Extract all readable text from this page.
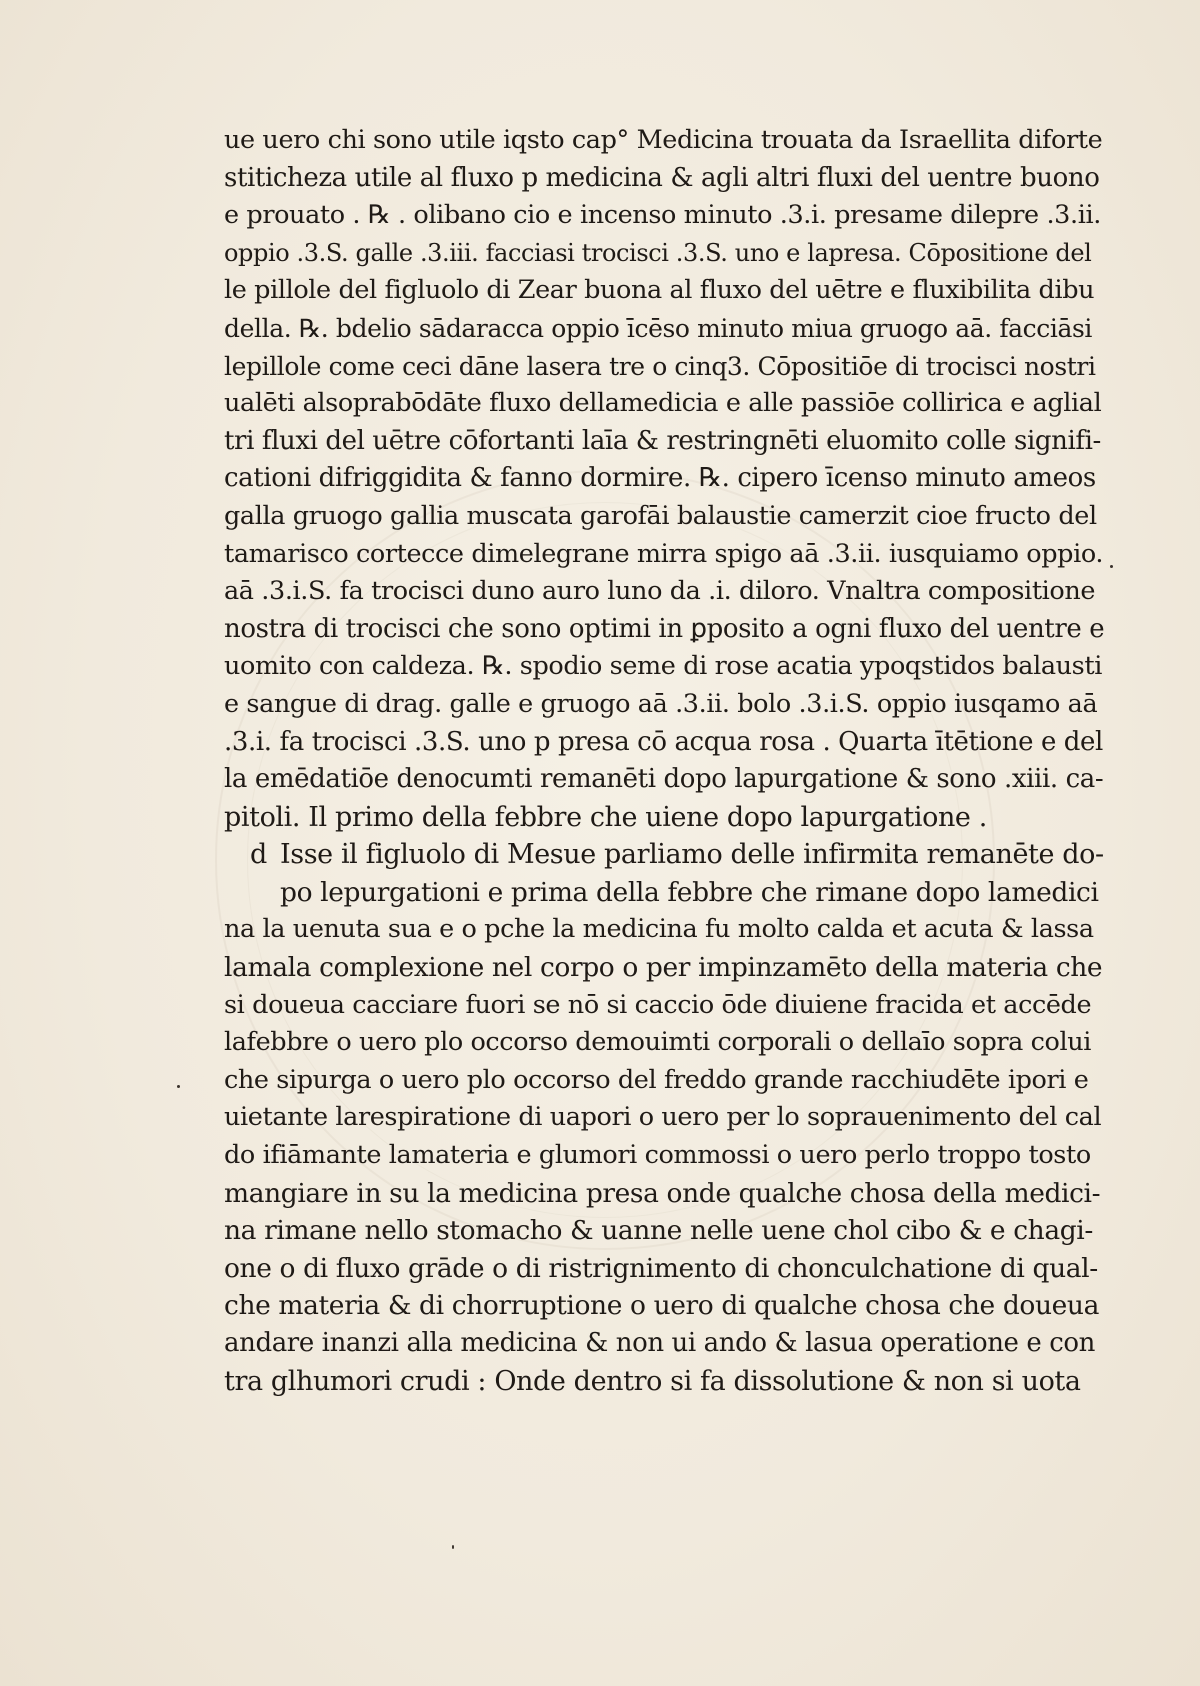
ue uero chi sono utile iqsto cap° Medicina trouata da Israellita diforte
stiticheza utile al fluxo p medicina & agli altri fluxi del uentre buono
e prouato . ℞ . olibano cio e incenso minuto .3.i. presame dilepre .3.ii.
oppio .3.S. galle .3.iii. facciasi trocisci .3.S. uno e lapresa. Cōpositione del
le pillole del figluolo di Zear buona al fluxo del uētre e fluxibilita dibu
della. ℞. bdelio sādaracca oppio īcēso minuto miua gruogo aā. facciāsi
lepillole come ceci dāne lasera tre o cinq3. Cōpositiōe di trocisci nostri
ualēti alsoprabōdāte fluxo dellamedicia e alle passiōe collirica e aglial
tri fluxi del uētre cōfortanti laīa & restringnēti eluomito colle signifi-
cationi difriggidita & fanno dormire. ℞. cipero īcenso minuto ameos
galla gruogo gallia muscata garofāi balaustie camerzit cioe fructo del
tamarisco cortecce dimelegrane mirra spigo aā .3.ii. iusquiamo oppio.
aā .3.i.S. fa trocisci duno auro luno da .i. diloro. Vnaltra compositione
nostra di trocisci che sono optimi in ꝑposito a ogni fluxo del uentre e
uomito con caldeza. ℞. spodio seme di rose acatia ypoqstidos balausti
e sangue di drag. galle e gruogo aā .3.ii. bolo .3.i.S. oppio iusqamo aā
.3.i. fa trocisci .3.S. uno p presa cō acqua rosa . Quarta ītētione e del
la emēdatiōe denocumti remanēti dopo lapurgatione & sono .xiii. ca-
pitoli. Il primo della febbre che uiene dopo lapurgatione .
d Isse il figluolo di Mesue parliamo delle infirmita remanēte do-
po lepurgationi e prima della febbre che rimane dopo lamedici
na la uenuta sua e o pche la medicina fu molto calda et acuta & lassa
lamala complexione nel corpo o per impinzamēto della materia che
si doueua cacciare fuori se nō si caccio ōde diuiene fracida et accēde
lafebbre o uero plo occorso demouimti corporali o dellaīo sopra colui
che sipurga o uero plo occorso del freddo grande racchiudēte ipori e
uietante larespiratione di uapori o uero per lo soprauenimento del cal
do ifiāmante lamateria e glumori commossi o uero perlo troppo tosto
mangiare in su la medicina presa onde qualche chosa della medici-
na rimane nello stomacho & uanne nelle uene chol cibo & e chagi-
one o di fluxo grāde o di ristrignimento di chonculchatione di qual-
che materia & di chorruptione o uero di qualche chosa che doueua
andare inanzi alla medicina & non ui ando & lasua operatione e con
tra glhumori crudi : Onde dentro si fa dissolutione & non si uota
